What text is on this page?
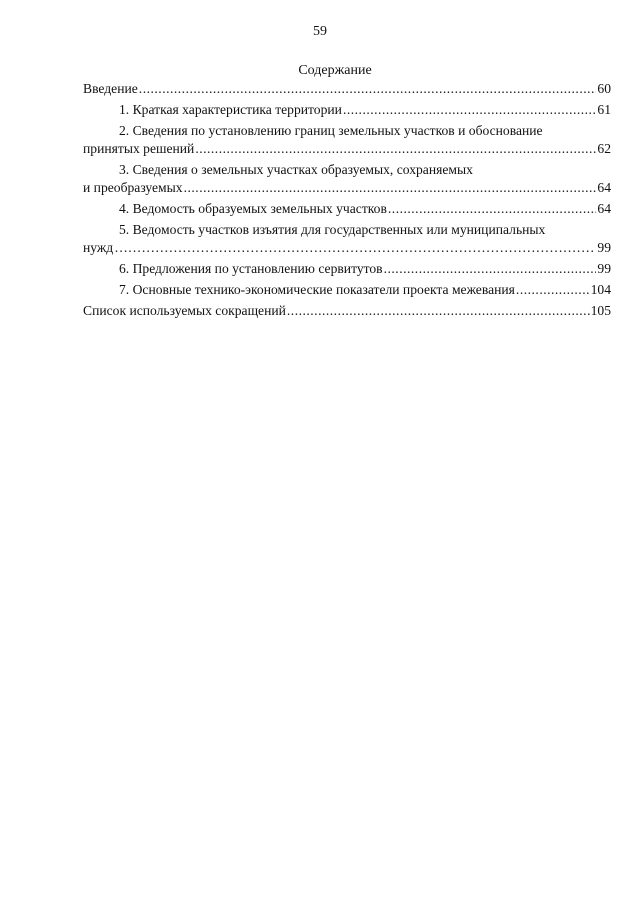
59
Содержание
Введение .....	60
1. Краткая характеристика территории .....	61
2. Сведения по установлению границ земельных участков и обоснование
принятых решений .....	62
3. Сведения о земельных участках образуемых, сохраняемых
и преобразуемых .....	64
4. Ведомость образуемых земельных участков .....	64
5. Ведомость участков изъятия для государственных или муниципальных
нужд ……………………………………………………………………………………………………………………………………	99
6. Предложения по установлению сервитутов .....	99
7. Основные технико-экономические показатели проекта межевания .....	104
Список используемых сокращений .....	105
